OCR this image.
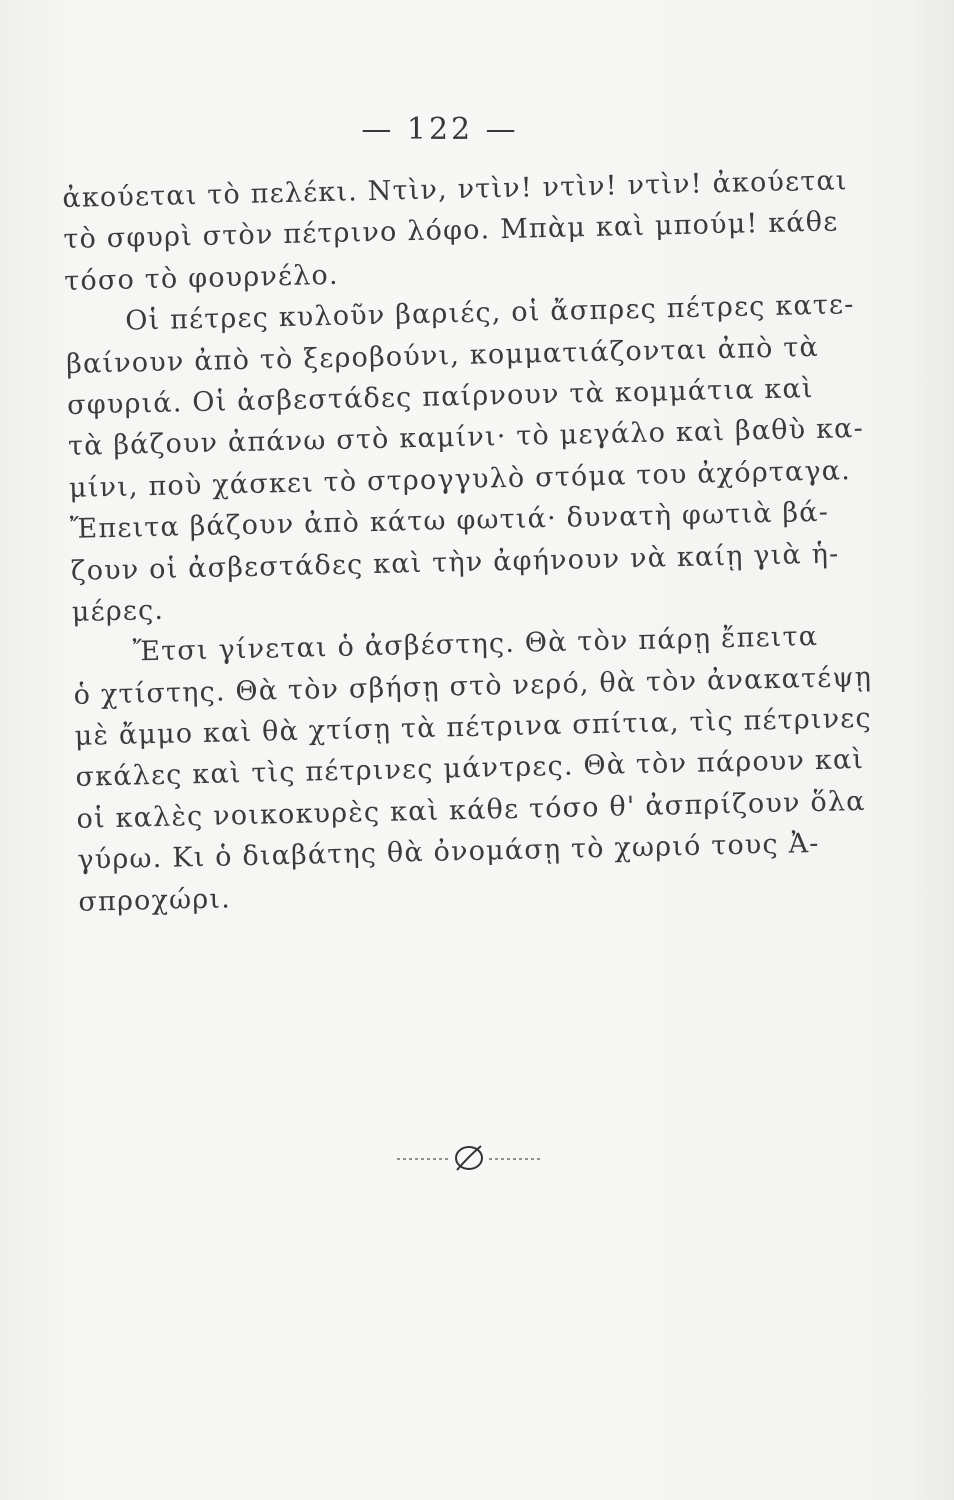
— 122 —
ἀκούεται τὸ πελέκι. Ντὶν, ντὶν! ντὶν! ντὶν! ἀκούεται
τὸ σφυρὶ στὸν πέτρινο λόφο. Μπὰμ καὶ μπούμ! κάθε
τόσο τὸ φουρνέλο.
Οἱ πέτρες κυλοῦν βαριές, οἱ ἄσπρες πέτρες κατε-
βαίνουν ἀπὸ τὸ ξεροβούνι, κομματιάζονται ἀπὸ τὰ
σφυριά. Οἱ ἀσβεστάδες παίρνουν τὰ κομμάτια καὶ
τὰ βάζουν ἀπάνω στὸ καμίνι· τὸ μεγάλο καὶ βαθὺ κα-
μίνι, ποὺ χάσκει τὸ στρογγυλὸ στόμα του ἀχόρταγα.
Ἔπειτα βάζουν ἀπὸ κάτω φωτιά· δυνατὴ φωτιὰ βά-
ζουν οἱ ἀσβεστάδες καὶ τὴν ἀφήνουν νὰ καίῃ γιὰ ἡ-
μέρες.
Ἔτσι γίνεται ὁ ἀσβέστης. Θὰ τὸν πάρῃ ἔπειτα
ὁ χτίστης. Θὰ τὸν σβήσῃ στὸ νερό, θὰ τὸν ἀνακατέψῃ
μὲ ἄμμο καὶ θὰ χτίσῃ τὰ πέτρινα σπίτια, τὶς πέτρινες
σκάλες καὶ τὶς πέτρινες μάντρες. Θὰ τὸν πάρουν καὶ
οἱ καλὲς νοικοκυρὲς καὶ κάθε τόσο θ' ἀσπρίζουν ὅλα
γύρω. Κι ὁ διαβάτης θὰ ὀνομάσῃ τὸ χωριό τους Ἀ-
σπροχώρι.
